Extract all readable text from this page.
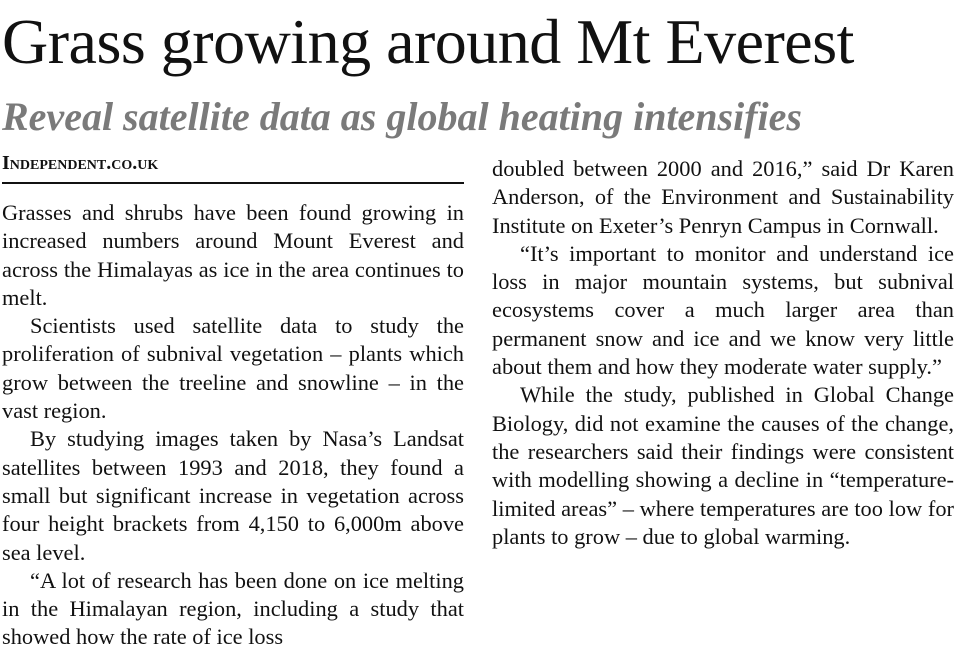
Grass growing around Mt Everest
Reveal satellite data as global heating intensifies
Independent.co.uk

Grasses and shrubs have been found growing in increased numbers around Mount Everest and across the Himalayas as ice in the area continues to melt.

Scientists used satellite data to study the proliferation of subnival vegetation – plants which grow between the treeline and snowline – in the vast region.

By studying images taken by Nasa’s Landsat satellites between 1993 and 2018, they found a small but significant increase in vegetation across four height brackets from 4,150 to 6,000m above sea level.

“A lot of research has been done on ice melting in the Himalayan region, including a study that showed how the rate of ice loss

doubled between 2000 and 2016,” said Dr Karen Anderson, of the Environment and Sustainability Institute on Exeter’s Penryn Campus in Cornwall.

“It’s important to monitor and understand ice loss in major mountain systems, but subnival ecosystems cover a much larger area than permanent snow and ice and we know very little about them and how they moderate water supply.”

While the study, published in Global Change Biology, did not examine the causes of the change, the researchers said their findings were consistent with modelling showing a decline in “temperature-limited areas” – where temperatures are too low for plants to grow – due to global warming.
